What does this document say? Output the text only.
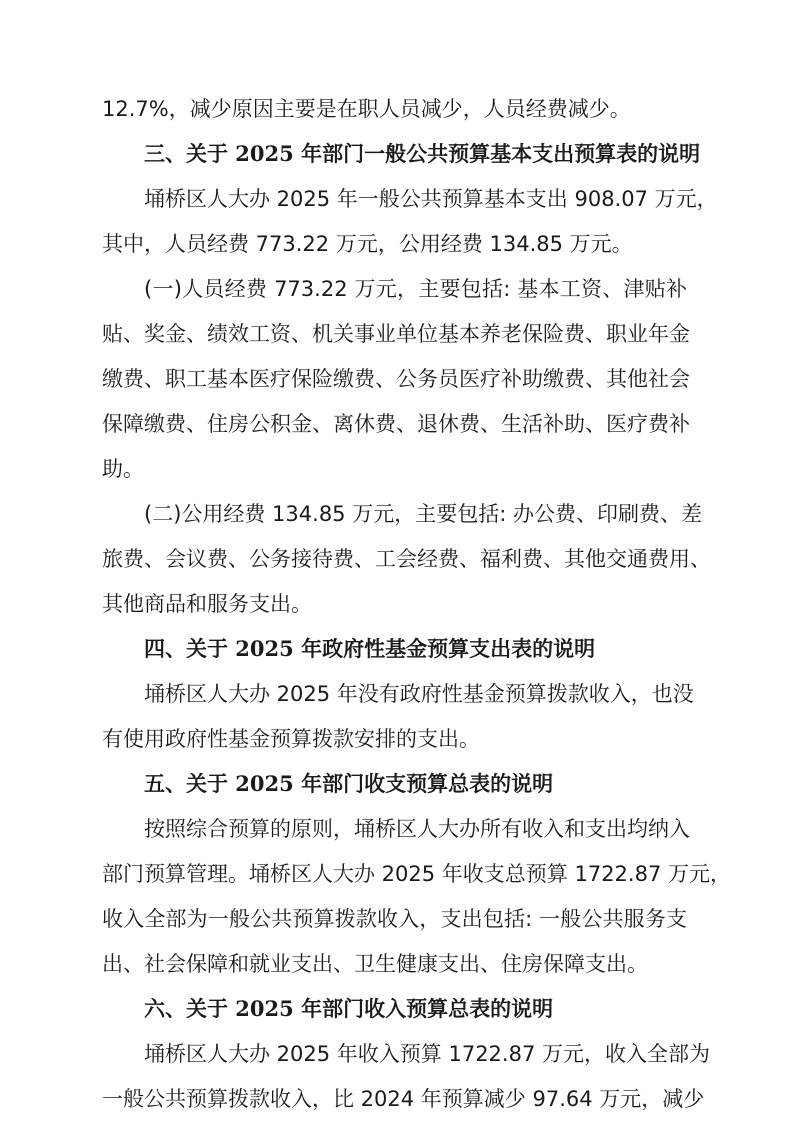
12.7%，减少原因主要是在职人员减少，人员经费减少。
三、关于 2025 年部门一般公共预算基本支出预算表的说明
埇桥区人大办 2025 年一般公共预算基本支出 908.07 万元，
其中，人员经费 773.22 万元，公用经费 134.85 万元。
(一)人员经费 773.22 万元，主要包括: 基本工资、津贴补
贴、奖金、绩效工资、机关事业单位基本养老保险费、职业年金
缴费、职工基本医疗保险缴费、公务员医疗补助缴费、其他社会
保障缴费、住房公积金、离休费、退休费、生活补助、医疗费补
助。
(二)公用经费 134.85 万元，主要包括: 办公费、印刷费、差
旅费、会议费、公务接待费、工会经费、福利费、其他交通费用、
其他商品和服务支出。
四、关于 2025 年政府性基金预算支出表的说明
埇桥区人大办 2025 年没有政府性基金预算拨款收入，也没
有使用政府性基金预算拨款安排的支出。
五、关于 2025 年部门收支预算总表的说明
按照综合预算的原则，埇桥区人大办所有收入和支出均纳入
部门预算管理。埇桥区人大办 2025 年收支总预算 1722.87 万元，
收入全部为一般公共预算拨款收入，支出包括: 一般公共服务支
出、社会保障和就业支出、卫生健康支出、住房保障支出。
六、关于 2025 年部门收入预算总表的说明
埇桥区人大办 2025 年收入预算 1722.87 万元，收入全部为
一般公共预算拨款收入，比 2024 年预算减少 97.64 万元，减少
